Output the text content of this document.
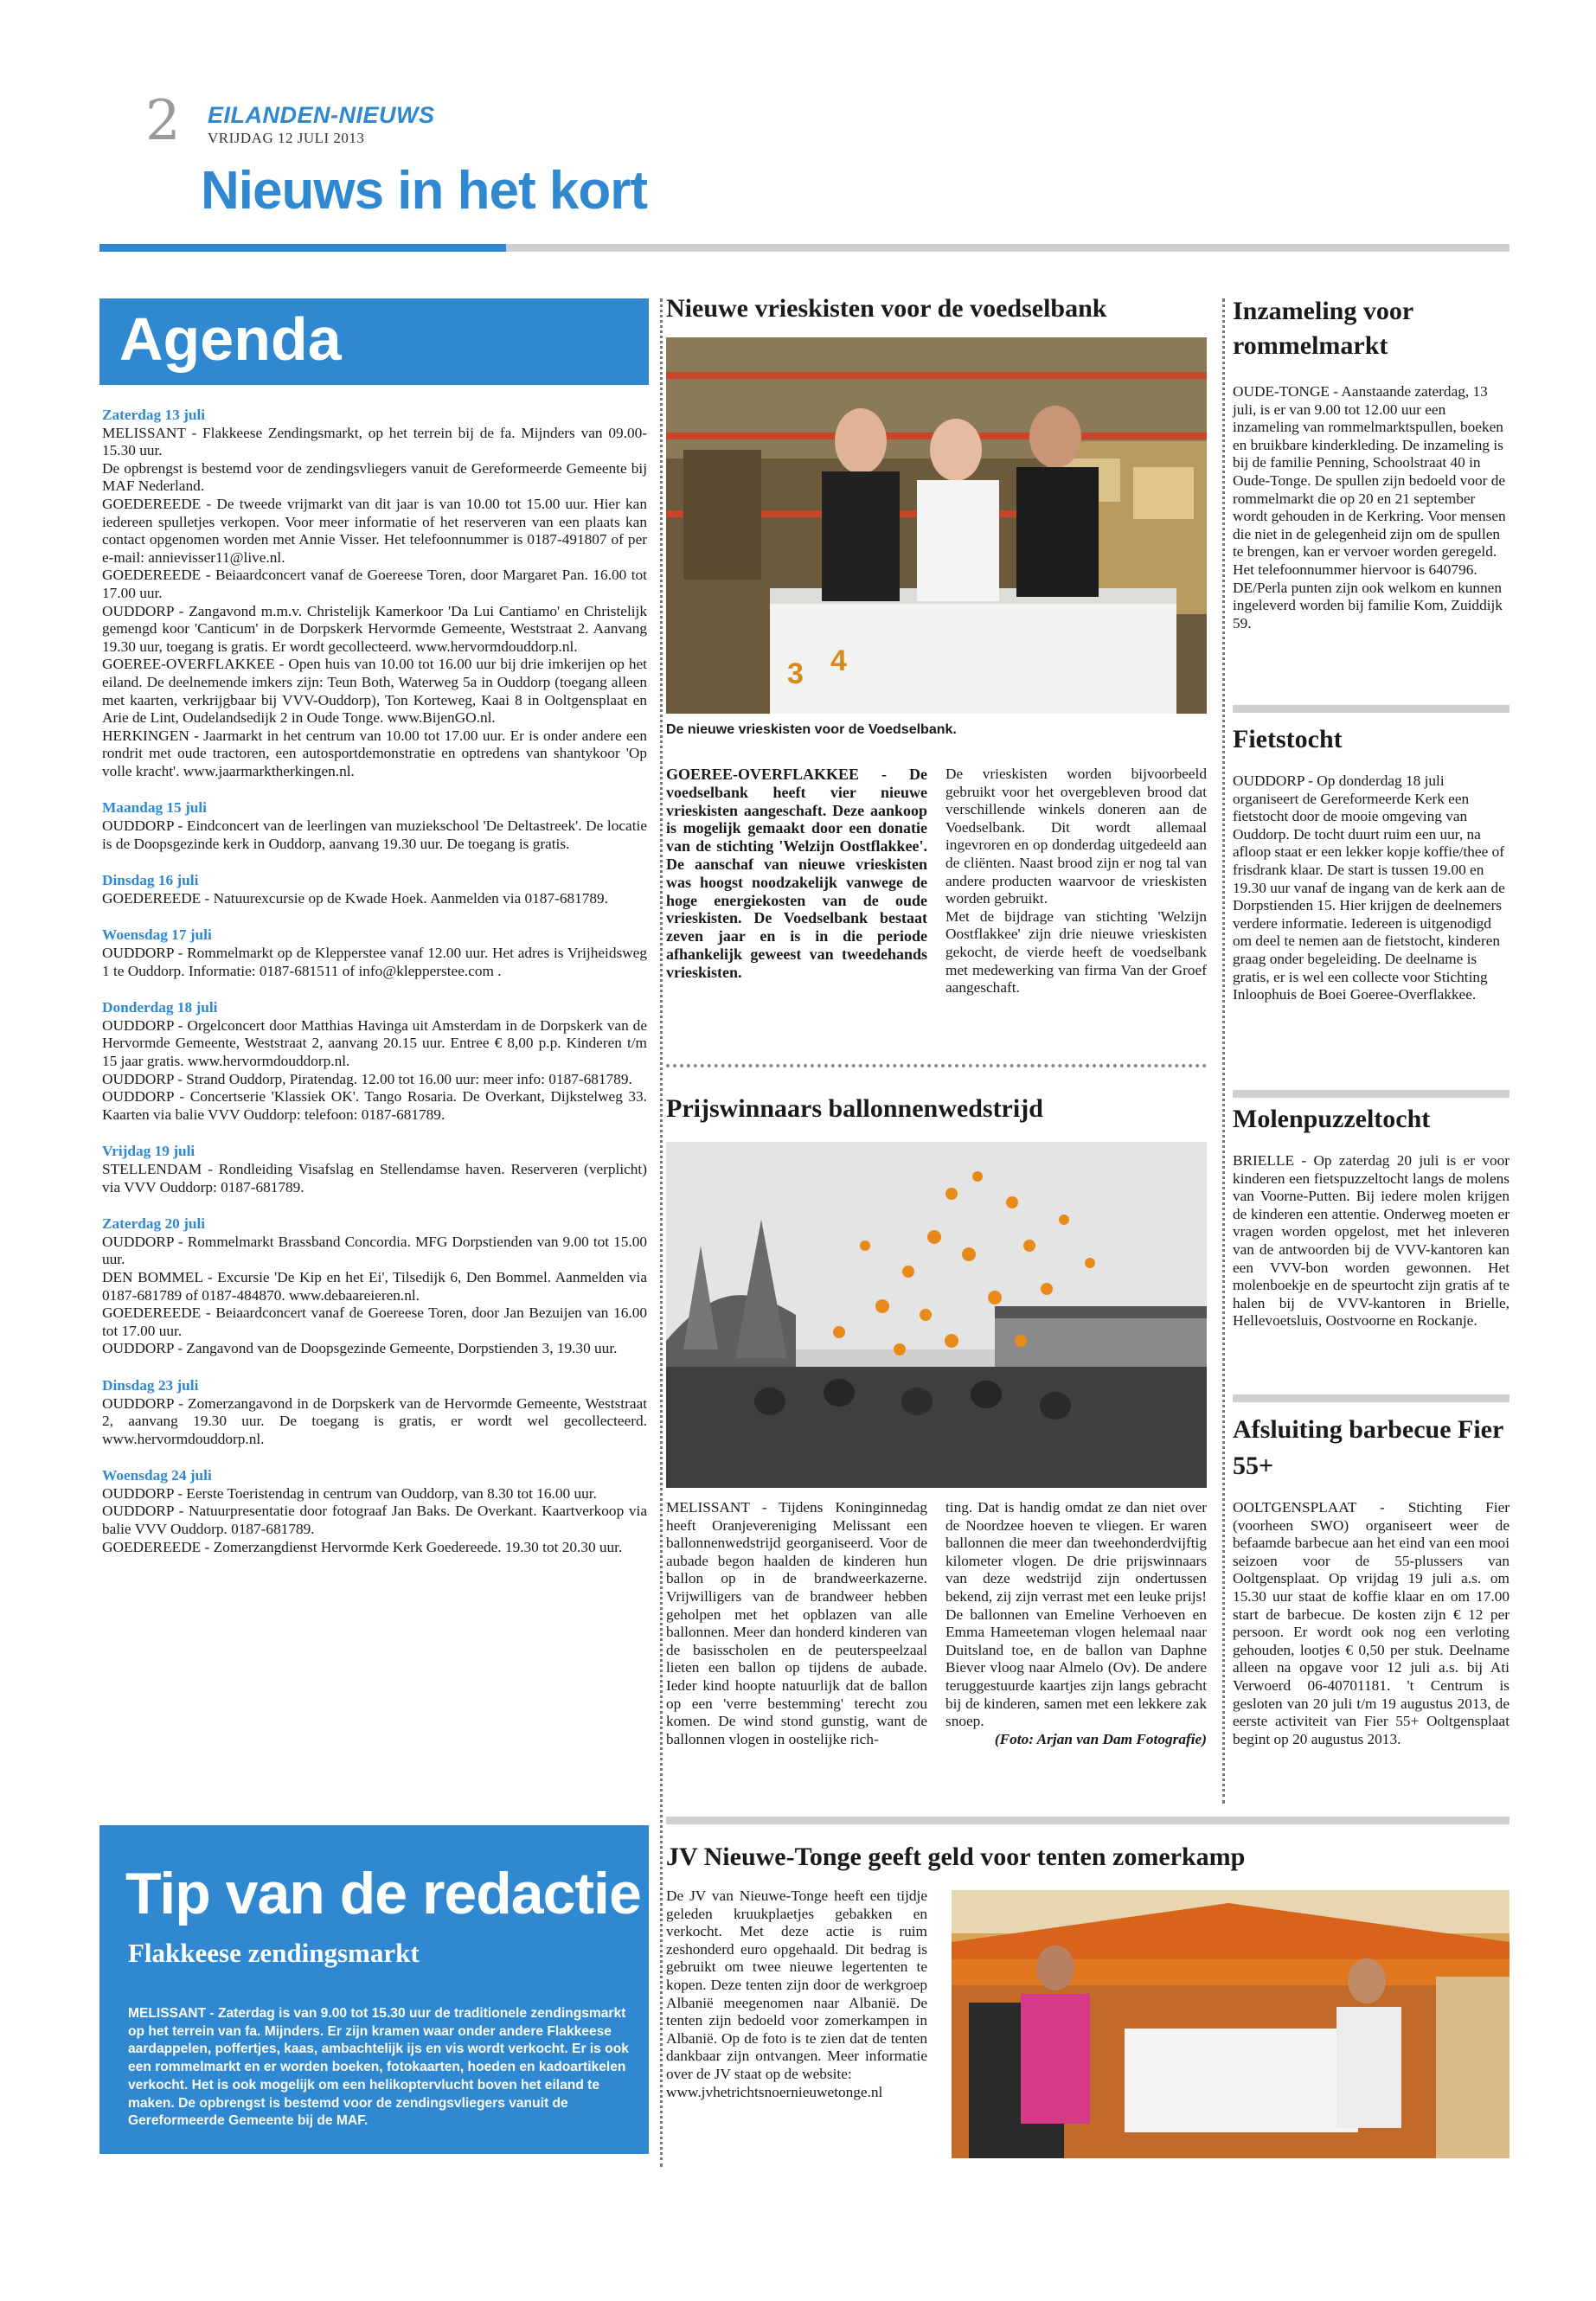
2 EILANDEN-NIEUWS
VRIJDAG 12 JULI 2013
Nieuws in het kort
Agenda
Zaterdag 13 juli
MELISSANT - Flakkeese Zendingsmarkt, op het terrein bij de fa. Mijnders van 09.00-15.30 uur.
De opbrengst is bestemd voor de zendingsvliegers vanuit de Gereformeerde Gemeente bij MAF Nederland.
GOEDEREEDE - De tweede vrijmarkt van dit jaar is van 10.00 tot 15.00 uur. Hier kan iedereen spulletjes verkopen. Voor meer informatie of het reserveren van een plaats kan contact opgenomen worden met Annie Visser. Het telefoonnummer is 0187-491807 of per e-mail: annievisser11@live.nl.
GOEDEREEDE - Beiaardconcert vanaf de Goereese Toren, door Margaret Pan. 16.00 tot 17.00 uur.
OUDDORP - Zangavond m.m.v. Christelijk Kamerkoor 'Da Lui Cantiamo' en Christelijk gemengd koor 'Canticum' in de Dorpskerk Hervormde Gemeente, Weststraat 2. Aanvang 19.30 uur, toegang is gratis. Er wordt gecollecteerd. www.hervormdouddorp.nl.
GOEREE-OVERFLAKKEE - Open huis van 10.00 tot 16.00 uur bij drie imkerijen op het eiland. De deelnemende imkers zijn: Teun Both, Waterweg 5a in Ouddorp (toegang alleen met kaarten, verkrijgbaar bij VVV-Ouddorp), Ton Korteweg, Kaai 8 in Ooltgensplaat en Arie de Lint, Oudelandsedijk 2 in Oude Tonge. www.BijenGO.nl.
HERKINGEN - Jaarmarkt in het centrum van 10.00 tot 17.00 uur. Er is onder andere een rondrit met oude tractoren, een autosportdemonstratie en optredens van shantykoor 'Op volle kracht'. www.jaarmarktherkingen.nl.
Maandag 15 juli
OUDDORP - Eindconcert van de leerlingen van muziekschool 'De Deltastreek'. De locatie is de Doopsgezinde kerk in Ouddorp, aanvang 19.30 uur. De toegang is gratis.
Dinsdag 16 juli
GOEDEREEDE - Natuurexcursie op de Kwade Hoek. Aanmelden via 0187-681789.
Woensdag 17 juli
OUDDORP - Rommelmarkt op de Klepperstee vanaf 12.00 uur. Het adres is Vrijheidsweg 1 te Ouddorp. Informatie: 0187-681511 of info@klepperstee.com .
Donderdag 18 juli
OUDDORP - Orgelconcert door Matthias Havinga uit Amsterdam in de Dorpskerk van de Hervormde Gemeente, Weststraat 2, aanvang 20.15 uur. Entree € 8,00 p.p. Kinderen t/m 15 jaar gratis. www.hervormdouddorp.nl.
OUDDORP - Strand Ouddorp, Piratendag. 12.00 tot 16.00 uur: meer info: 0187-681789.
OUDDORP - Concertserie 'Klassiek OK'. Tango Rosaria. De Overkant, Dijkstelweg 33. Kaarten via balie VVV Ouddorp: telefoon: 0187-681789.
Vrijdag 19 juli
STELLENDAM - Rondleiding Visafslag en Stellendamse haven. Reserveren (verplicht) via VVV Ouddorp: 0187-681789.
Zaterdag 20 juli
OUDDORP - Rommelmarkt Brassband Concordia. MFG Dorpstienden van 9.00 tot 15.00 uur.
DEN BOMMEL - Excursie 'De Kip en het Ei', Tilsedijk 6, Den Bommel. Aanmelden via 0187-681789 of 0187-484870. www.debaareieren.nl.
GOEDEREEDE - Beiaardconcert vanaf de Goereese Toren, door Jan Bezuijen van 16.00 tot 17.00 uur.
OUDDORP - Zangavond van de Doopsgezinde Gemeente, Dorpstienden 3, 19.30 uur.
Dinsdag 23 juli
OUDDORP - Zomerzangavond in de Dorpskerk van de Hervormde Gemeente, Weststraat 2, aanvang 19.30 uur. De toegang is gratis, er wordt wel gecollecteerd. www.hervormdouddorp.nl.
Woensdag 24 juli
OUDDORP - Eerste Toeristendag in centrum van Ouddorp, van 8.30 tot 16.00 uur.
OUDDORP - Natuurpresentatie door fotograaf Jan Baks. De Overkant. Kaartverkoop via balie VVV Ouddorp. 0187-681789.
GOEDEREEDE - Zomerzangdienst Hervormde Kerk Goedereede. 19.30 tot 20.30 uur.
Tip van de redactie
Flakkeese zendingsmarkt
MELISSANT - Zaterdag is van 9.00 tot 15.30 uur de traditionele zendingsmarkt op het terrein van fa. Mijnders. Er zijn kramen waar onder andere Flakkeese aardappelen, poffertjes, kaas, ambachtelijk ijs en vis wordt verkocht. Er is ook een rommelmarkt en er worden boeken, fotokaarten, hoeden en kadoartikelen verkocht. Het is ook mogelijk om een helikoptervlucht boven het eiland te maken. De opbrengst is bestemd voor de zendingsvliegers vanuit de Gereformeerde Gemeente bij de MAF.
Nieuwe vrieskisten voor de voedselbank
3 4
De nieuwe vrieskisten voor de Voedselbank.
GOEREE-OVERFLAKKEE - De voedselbank heeft vier nieuwe vrieskisten aangeschaft. Deze aankoop is mogelijk gemaakt door een donatie van de stichting 'Welzijn Oostflakkee'. De aanschaf van nieuwe vrieskisten was hoogst noodzakelijk vanwege de hoge energiekosten van de oude vrieskisten. De Voedselbank bestaat zeven jaar en is in die periode afhankelijk geweest van tweedehands vrieskisten.
De vrieskisten worden bijvoorbeeld gebruikt voor het overgebleven brood dat verschillende winkels doneren aan de Voedselbank. Dit wordt allemaal ingevroren en op donderdag uitgedeeld aan de cliënten. Naast brood zijn er nog tal van andere producten waarvoor de vrieskisten worden gebruikt.
Met de bijdrage van stichting 'Welzijn Oostflakkee' zijn drie nieuwe vrieskisten gekocht, de vierde heeft de voedselbank met medewerking van firma Van der Groef aangeschaft.
Prijswinnaars ballonnenwedstrijd
MELISSANT - Tijdens Koninginnedag heeft Oranjevereniging Melissant een ballonnenwedstrijd georganiseerd. Voor de aubade begon haalden de kinderen hun ballon op in de brandweerkazerne. Vrijwilligers van de brandweer hebben geholpen met het opblazen van alle ballonnen. Meer dan honderd kinderen van de basisscholen en de peuterspeelzaal lieten een ballon op tijdens de aubade. Ieder kind hoopte natuurlijk dat de ballon op een 'verre bestemming' terecht zou komen. De wind stond gunstig, want de ballonnen vlogen in oostelijke rich-
ting. Dat is handig omdat ze dan niet over de Noordzee hoeven te vliegen. Er waren ballonnen die meer dan tweehonderdvijftig kilometer vlogen. De drie prijswinnaars van deze wedstrijd zijn ondertussen bekend, zij zijn verrast met een leuke prijs! De ballonnen van Emeline Verhoeven en Emma Hameeteman vlogen helemaal naar Duitsland toe, en de ballon van Daphne Biever vloog naar Almelo (Ov). De andere teruggestuurde kaartjes zijn langs gebracht bij de kinderen, samen met een lekkere zak snoep.
(Foto: Arjan van Dam Fotografie)
JV Nieuwe-Tonge geeft geld voor tenten zomerkamp
De JV van Nieuwe-Tonge heeft een tijdje geleden kruukplaetjes gebakken en verkocht. Met deze actie is ruim zeshonderd euro opgehaald. Dit bedrag is gebruikt om twee nieuwe legertenten te kopen. Deze tenten zijn door de werkgroep Albanië meegenomen naar Albanië. De tenten zijn bedoeld voor zomerkampen in Albanië. Op de foto is te zien dat de tenten dankbaar zijn ontvangen. Meer informatie over de JV staat op de website:
www.jvhetrichtsnoernieuwetonge.nl
Inzameling voor rommelmarkt
OUDE-TONGE - Aanstaande zaterdag, 13 juli, is er van 9.00 tot 12.00 uur een inzameling van rommelmarktspullen, boeken en bruikbare kinderkleding. De inzameling is bij de familie Penning, Schoolstraat 40 in Oude-Tonge. De spullen zijn bedoeld voor de rommelmarkt die op 20 en 21 september wordt gehouden in de Kerkring. Voor mensen die niet in de gelegenheid zijn om de spullen te brengen, kan er vervoer worden geregeld. Het telefoonnummer hiervoor is 640796. DE/Perla punten zijn ook welkom en kunnen ingeleverd worden bij familie Kom, Zuiddijk 59.
Fietstocht
OUDDORP - Op donderdag 18 juli organiseert de Gereformeerde Kerk een fietstocht door de mooie omgeving van Ouddorp. De tocht duurt ruim een uur, na afloop staat er een lekker kopje koffie/thee of frisdrank klaar. De start is tussen 19.00 en 19.30 uur vanaf de ingang van de kerk aan de Dorpstienden 15. Hier krijgen de deelnemers verdere informatie. Iedereen is uitgenodigd om deel te nemen aan de fietstocht, kinderen graag onder begeleiding. De deelname is gratis, er is wel een collecte voor Stichting Inloophuis de Boei Goeree-Overflakkee.
Molenpuzzeltocht
BRIELLE - Op zaterdag 20 juli is er voor kinderen een fietspuzzeltocht langs de molens van Voorne-Putten. Bij iedere molen krijgen de kinderen een attentie. Onderweg moeten er vragen worden opgelost, met het inleveren van de antwoorden bij de VVV-kantoren kan een VVV-bon worden gewonnen. Het molenboekje en de speurtocht zijn gratis af te halen bij de VVV-kantoren in Brielle, Hellevoetsluis, Oostvoorne en Rockanje.
Afsluiting barbecue Fier 55+
OOLTGENSPLAAT - Stichting Fier (voorheen SWO) organiseert weer de befaamde barbecue aan het eind van een mooi seizoen voor de 55-plussers van Ooltgensplaat. Op vrijdag 19 juli a.s. om 15.30 uur staat de koffie klaar en om 17.00 start de barbecue. De kosten zijn € 12 per persoon. Er wordt ook nog een verloting gehouden, lootjes € 0,50 per stuk. Deelname alleen na opgave voor 12 juli a.s. bij Ati Verwoerd 06-40701181. 't Centrum is gesloten van 20 juli t/m 19 augustus 2013, de eerste activiteit van Fier 55+ Ooltgensplaat begint op 20 augustus 2013.
